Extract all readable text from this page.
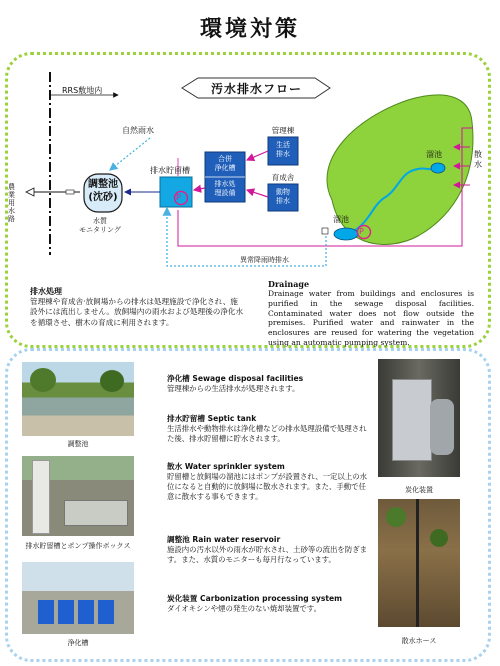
環境対策
汚水排水フロー
RRS敷地内
自然雨水
農業用水路
調整池
(沈砂)
水質
モニタリング
排水貯留槽
P
合併
浄化槽
排水処
理設備
管理棟
生活
排水
育成舎
動物
排水
溜池
溜池
P
散水
異常降雨時排水
排水処理
管理棟や育成舎·放飼場からの排水は処理施設で浄化され、施設外には流出しません。放飼場内の雨水および処理後の浄化水を循環させ、樹木の育成に利用されます。
Drainage
Drainage water from buildings and enclosures is purified in the sewage disposal facilities. Contaminated water does not flow outside the premises. Purified water and rainwater in the enclosures are reused for watering the vegetation using an automatic pumping system.
調整池
排水貯留槽とポンプ操作ボックス
浄化槽
炭化装置
散水ホース
浄化槽 Sewage disposal facilities
管理棟からの生活排水が処理されます。
排水貯留槽 Septic tank
生活排水や動物排水は浄化槽などの排水処理設備で処理された後、排水貯留槽に貯水されます。
散水 Water sprinkler system
貯留槽と放飼場の溜池にはポンプが設置され、一定以上の水位になると自動的に放飼場に散水されます。また、手動で任意に散水する事もできます。
調整池 Rain water reservoir
施設内の汚水以外の雨水が貯水され、土砂等の流出を防ぎます。また、水質のモニターも毎月行なっています。
炭化装置 Carbonization processing system
ダイオキシンや煙の発生のない焼却装置です。
